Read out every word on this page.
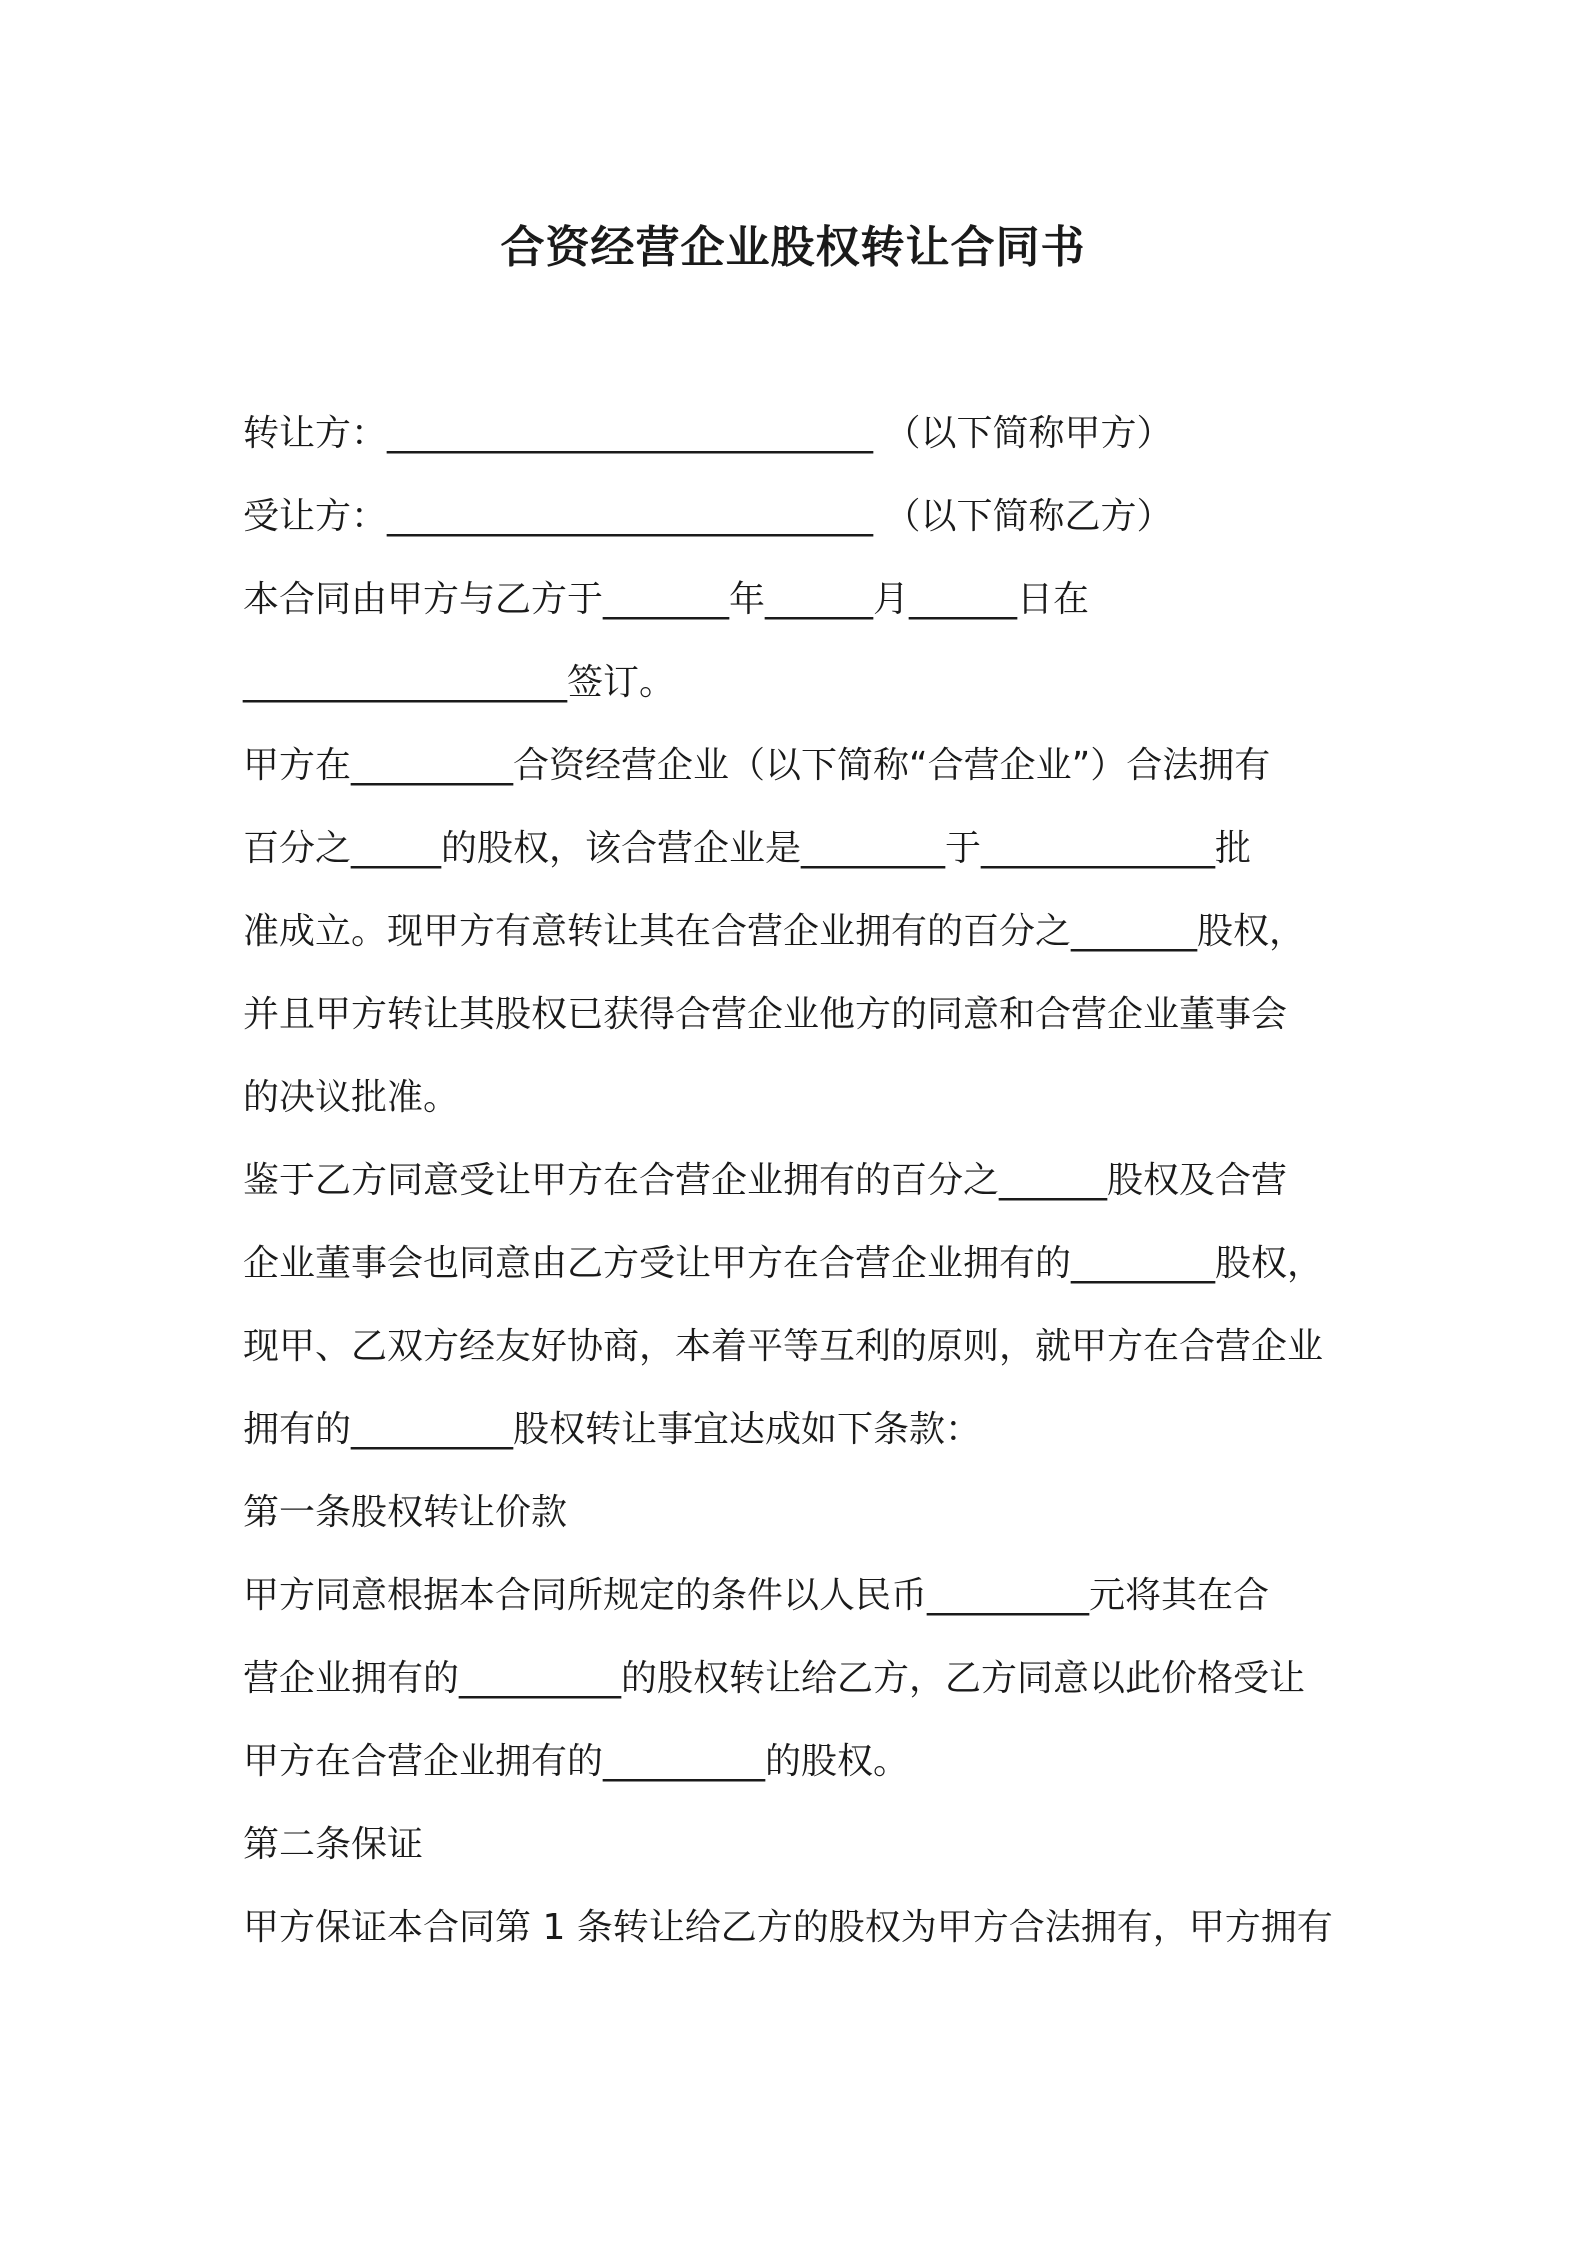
合资经营企业股权转让合同书
转让方：___________________________ （以下简称甲方）
受让方：___________________________ （以下简称乙方）
本合同由甲方与乙方于_______年______月______日在
__________________签订。
甲方在_________合资经营企业（以下简称“合营企业”）合法拥有
百分之_____的股权，该合营企业是________于_____________批
准成立。现甲方有意转让其在合营企业拥有的百分之_______股权，
并且甲方转让其股权已获得合营企业他方的同意和合营企业董事会
的决议批准。
鉴于乙方同意受让甲方在合营企业拥有的百分之______股权及合营
企业董事会也同意由乙方受让甲方在合营企业拥有的________股权，
现甲、乙双方经友好协商，本着平等互利的原则，就甲方在合营企业
拥有的_________股权转让事宜达成如下条款：
第一条股权转让价款
甲方同意根据本合同所规定的条件以人民币_________元将其在合
营企业拥有的_________的股权转让给乙方，乙方同意以此价格受让
甲方在合营企业拥有的_________的股权。
第二条保证
甲方保证本合同第 1 条转让给乙方的股权为甲方合法拥有，甲方拥有
